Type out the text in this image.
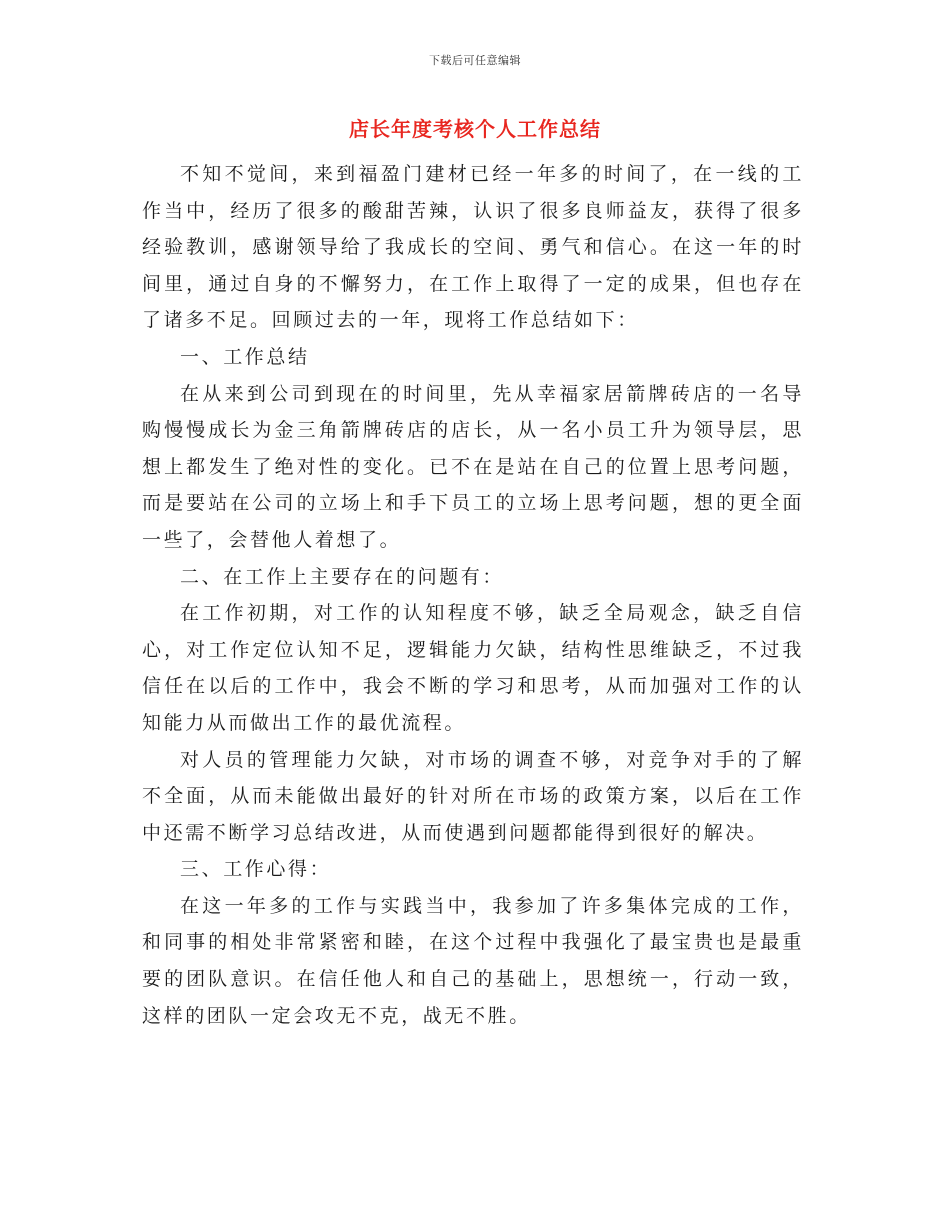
下载后可任意编辑
店长年度考核个人工作总结

不知不觉间，来到福盈门建材已经一年多的时间了，在一线的工作当中，经历了很多的酸甜苦辣，认识了很多良师益友，获得了很多经验教训，感谢领导给了我成长的空间、勇气和信心。在这一年的时间里，通过自身的不懈努力，在工作上取得了一定的成果，但也存在了诸多不足。回顾过去的一年，现将工作总结如下：

一、工作总结

在从来到公司到现在的时间里，先从幸福家居箭牌砖店的一名导购慢慢成长为金三角箭牌砖店的店长，从一名小员工升为领导层，思想上都发生了绝对性的变化。已不在是站在自己的位置上思考问题，而是要站在公司的立场上和手下员工的立场上思考问题，想的更全面一些了，会替他人着想了。

二、在工作上主要存在的问题有：

在工作初期，对工作的认知程度不够，缺乏全局观念，缺乏自信心，对工作定位认知不足，逻辑能力欠缺，结构性思维缺乏，不过我信任在以后的工作中，我会不断的学习和思考，从而加强对工作的认知能力从而做出工作的最优流程。

对人员的管理能力欠缺，对市场的调查不够，对竞争对手的了解不全面，从而未能做出最好的针对所在市场的政策方案，以后在工作中还需不断学习总结改进，从而使遇到问题都能得到很好的解决。

三、工作心得：

在这一年多的工作与实践当中，我参加了许多集体完成的工作，和同事的相处非常紧密和睦，在这个过程中我强化了最宝贵也是最重要的团队意识。在信任他人和自己的基础上，思想统一，行动一致，这样的团队一定会攻无不克，战无不胜。
